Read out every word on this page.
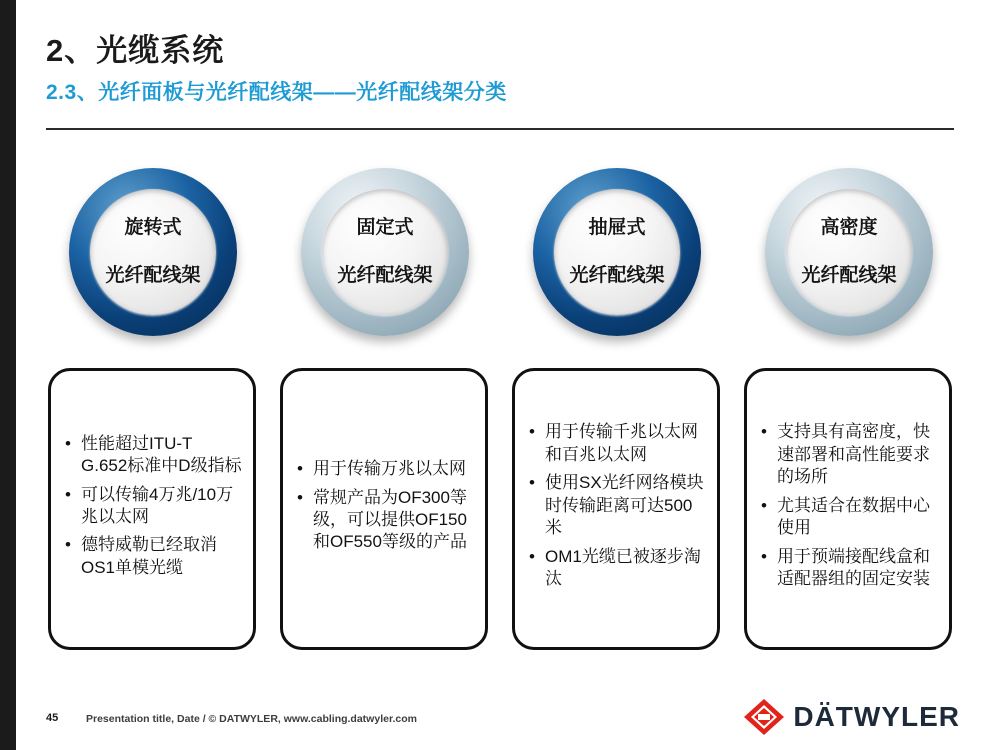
2、光缆系统
2.3、光纤面板与光纤配线架——光纤配线架分类
旋转式

光纤配线架
• 性能超过ITU-T G.652标准中D级指标
• 可以传输4万兆/10万兆以太网
• 德特威勒已经取消OS1单模光缆
固定式

光纤配线架
• 用于传输万兆以太网
• 常规产品为OF300等级，可以提供OF150和OF550等级的产品
抽屉式

光纤配线架
• 用于传输千兆以太网和百兆以太网
• 使用SX光纤网络模块时传输距离可达500米
• OM1光缆已被逐步淘汰
高密度

光纤配线架
• 支持具有高密度，快速部署和高性能要求的场所
• 尤其适合在数据中心使用
• 用于预端接配线盒和适配器组的固定安装
45	Presentation title, Date / © DATWYLER, www.cabling.datwyler.com	DÄTWYLER
